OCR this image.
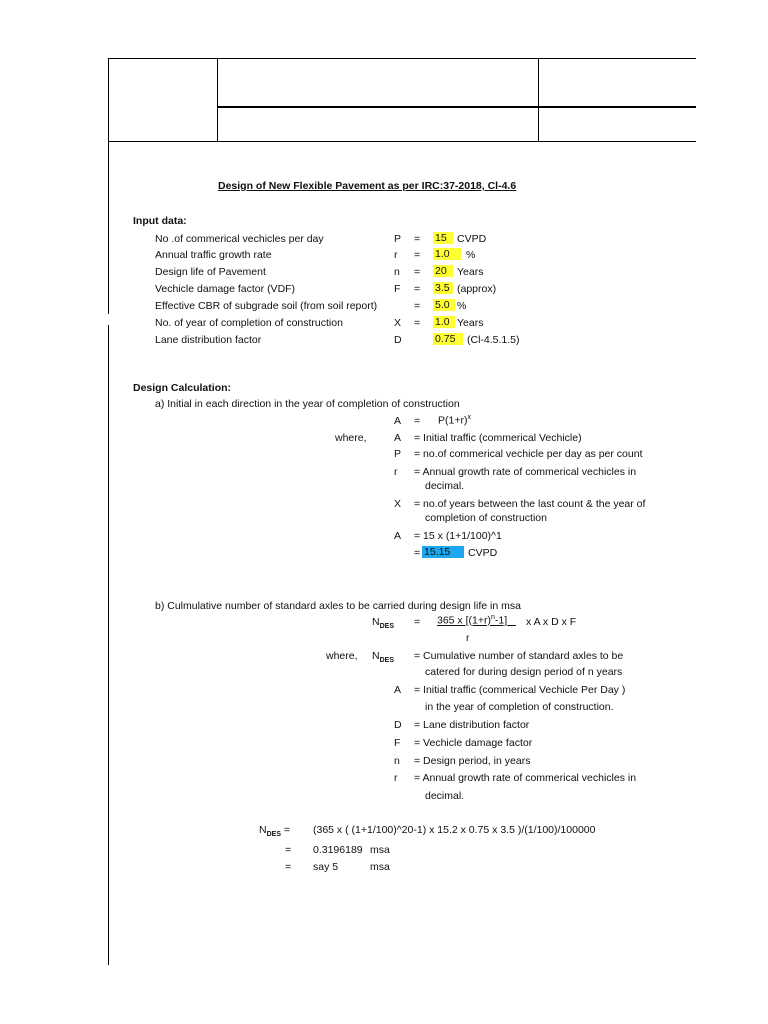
Design of New Flexible Pavement as per IRC:37-2018, Cl-4.6
Input data:
No .of commerical vechicles per day	P = 15 CVPD
Annual traffic growth rate	r = 1.0	%
Design life of Pavement	n = 20 Years
Vechicle damage factor (VDF)	F = 3.5 (approx)
Effective CBR of subgrade soil (from soil report)	= 5.0 %
No. of year of completion of construction	X = 1.0 Years
Lane distribution factor	D	0.75	(Cl-4.5.1.5)
Design Calculation:
a) Initial in each direction in the year of completion of construction
$A = P(1+r)^x$
where,	A = Initial traffic (commerical Vechicle)
P = no.of commerical vechicle per day as per count
r = Annual growth rate of commerical vechicles in
decimal.
X = no.of years between the last count & the year of
completion of construction
A = 15 x (1+1/100)^1
= 15.15	CVPD
b) Culmulative number of standard axles to be carried during design life in msa
$N_{DES} = 365$ x $[(1+r)^n-1]$	x A x D x F
r
where, $N_{DES}$ = Cumulative number of standard axles to be
catered for during design period of n years
A = Initial traffic (commerical Vechicle Per Day )
in the year of completion of construction.
D = Lane distribution factor
F = Vechicle damage factor
n = Design period, in years
r = Annual growth rate of commerical vechicles in
decimal.
$N_{DES} = (365$ x ( (1+1/100)^20-1) x 15.2 x 0.75 x 3.5 )/(1/100)/100000
= 0.3196189 msa
= say 5	msa
